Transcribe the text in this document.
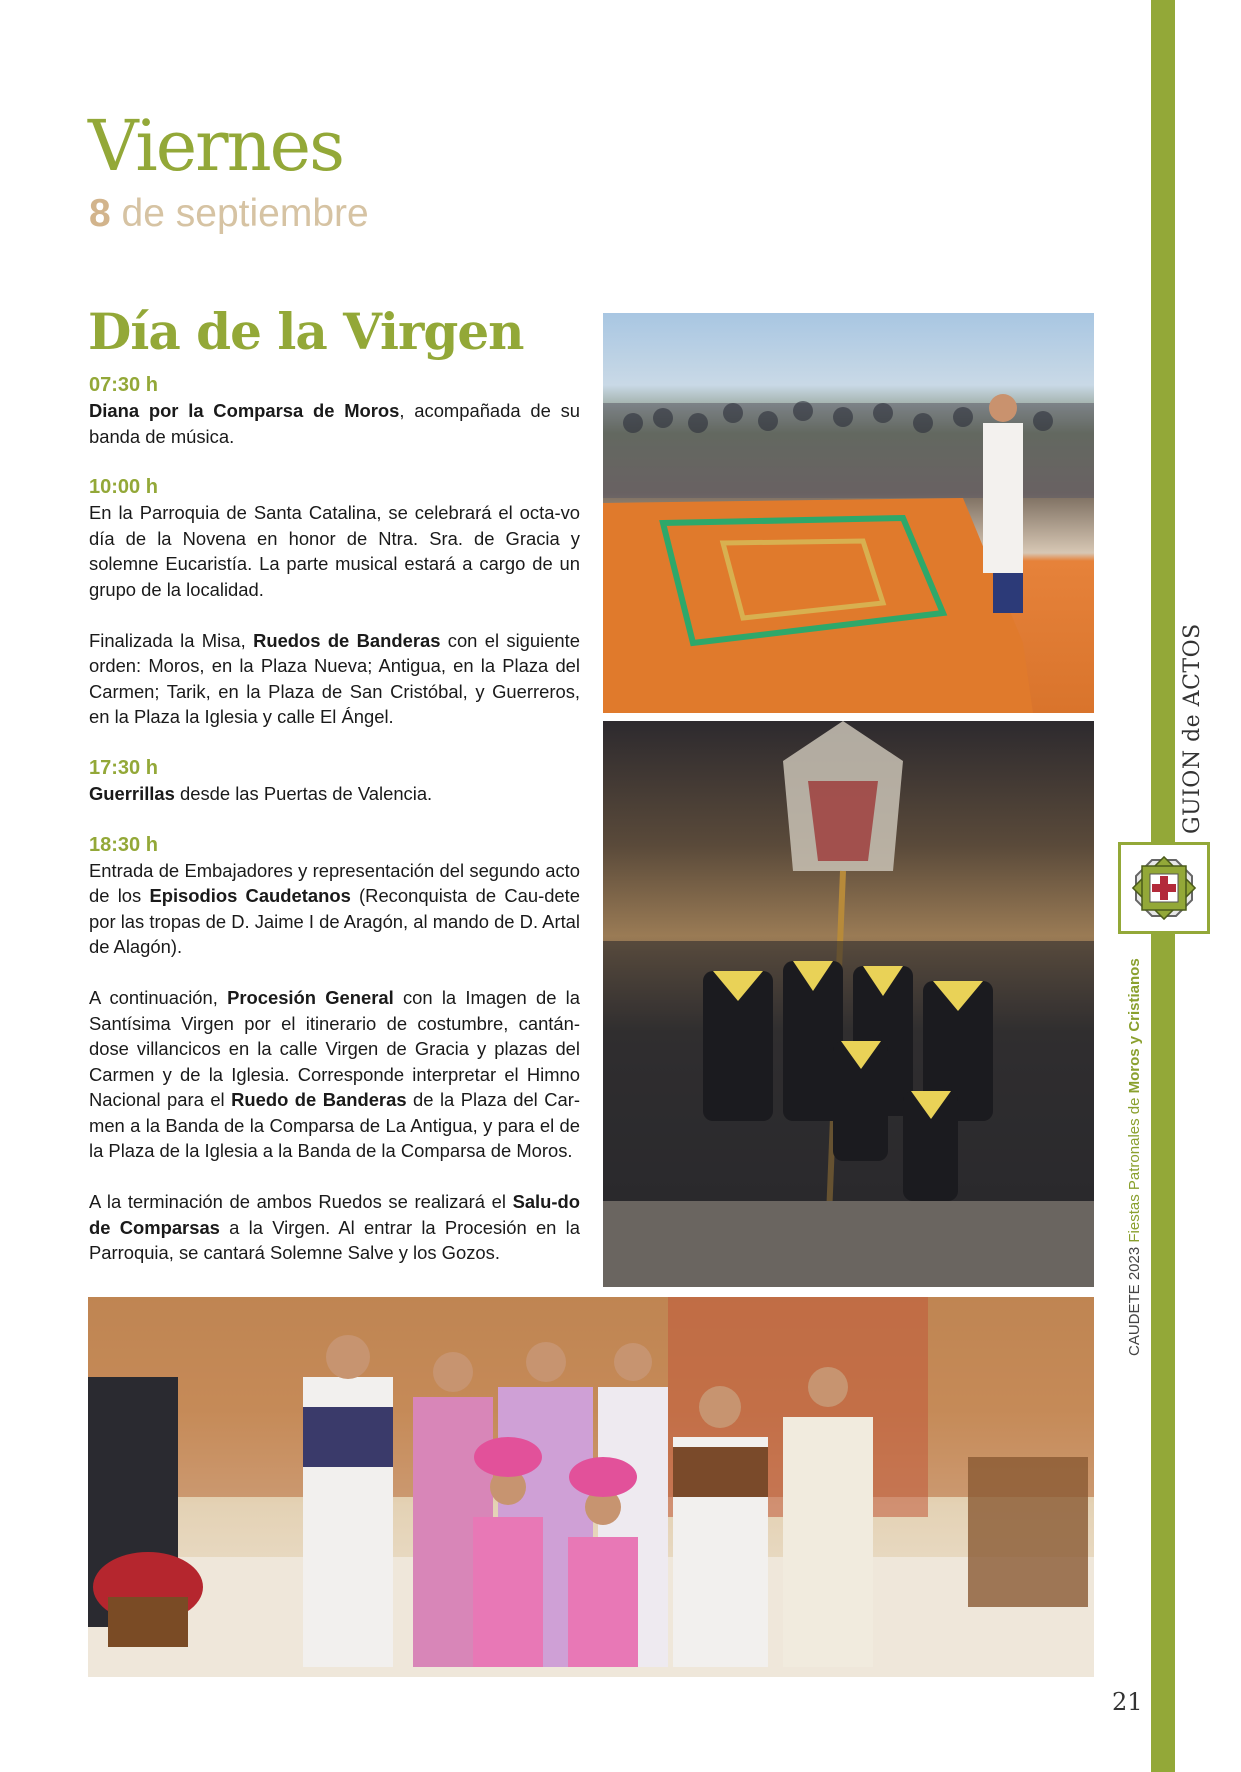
CAUDETE 2023 Fiestas Patronales de Moros y Cristianos
GUION de ACTOS
Viernes
8 de septiembre
Día de la Virgen
07:30 h

Diana por la Comparsa de Moros, acompañada de su banda de música.

10:00 h

En la Parroquia de Santa Catalina, se celebrará el octa-vo día de la Novena en honor de Ntra. Sra. de Gracia y solemne Eucaristía. La parte musical estará a cargo de un grupo de la localidad.

Finalizada la Misa, Ruedos de Banderas con el siguiente orden: Moros, en la Plaza Nueva; Antigua, en la Plaza del Carmen; Tarik, en la Plaza de San Cristóbal, y Guerreros, en la Plaza la Iglesia y calle El Ángel.

17:30 h

Guerrillas desde las Puertas de Valencia.

18:30 h

Entrada de Embajadores y representación del segundo acto de los Episodios Caudetanos (Reconquista de Cau-dete por las tropas de D. Jaime I de Aragón, al mando de D. Artal de Alagón).

A continuación, Procesión General con la Imagen de la Santísima Virgen por el itinerario de costumbre, cantán-dose villancicos en la calle Virgen de Gracia y plazas del Carmen y de la Iglesia. Corresponde interpretar el Himno Nacional para el Ruedo de Banderas de la Plaza del Car-men a la Banda de la Comparsa de La Antigua, y para el de la Plaza de la Iglesia a la Banda de la Comparsa de Moros.

A la terminación de ambos Ruedos se realizará el Salu-do de Comparsas a la Virgen. Al entrar la Procesión en la Parroquia, se cantará Solemne Salve y los Gozos.

21
